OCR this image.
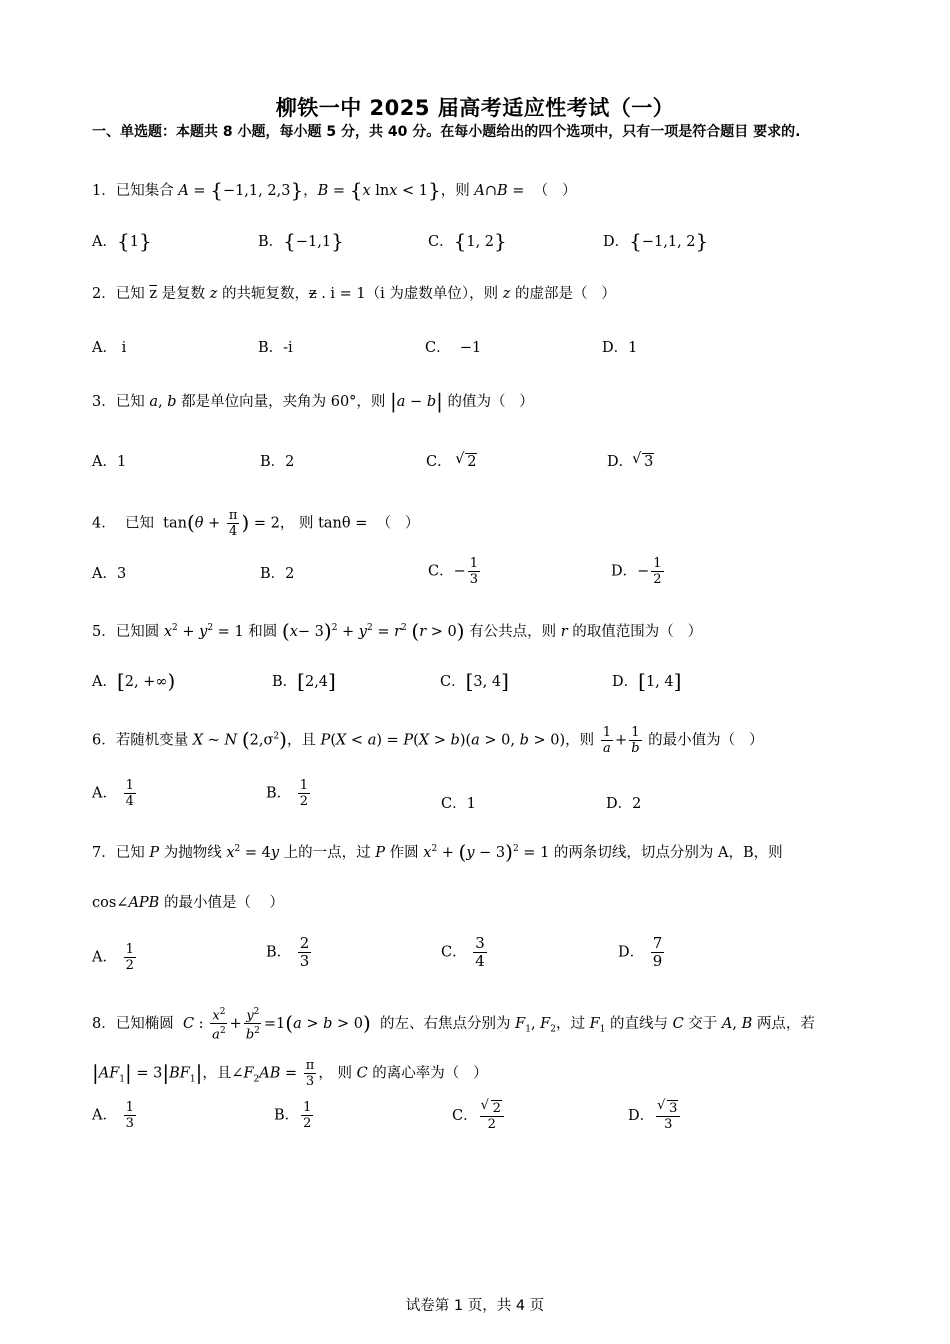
柳铁一中 2025 届高考适应性考试（一）
一、单选题：本题共 8 小题，每小题 5 分，共 40 分。在每小题给出的四个选项中，只有一项是符合题目 要求的.
1．已知集合 A = {−1,1, 2,3}，B = {x lnx < 1}，则 A∩B =  （   ）
A．{1}	B．{−1,1}	C．{1, 2}	D．{−1,1, 2}
2．已知 $\overline{z}$ 是复数 z 的共轭复数，z . i = 1（i 为虚数单位），则 z 的虚部是（   ）
A． i	B．-i	C．  −1	D．1
3．已知 a, b 都是单位向量，夹角为 60°，则 |a − b| 的值为（   ）
A．1	B．2	C． √ 2	D． √ 3
4．  已知  $\tan(\theta + \frac{\pi}{4}$ ) = 2， 则 tanθ =  （   ）
A．3	B．2	C．− $\frac{1}{3}$	D．− $\frac{1}{2}$
5．已知圆 $x^2 + y^2 = 1$ 和圆 $(x- 3)^2 + y^2 = r^2$ (r > 0) 有公共点，则 r 的取值范围为（   ）
A．[2, +∞)	B．[2,4]	C．[3, 4]	D．[1, 4]
6．若随机变量 X ~ N $(2,\sigma^2)$，且 P(X < a) = P(X > b)(a > 0, b > 0)，则 $\frac{1}{a} + \frac{1}{b}$ 的最小值为（   ）
A． $\frac{1}{4}$	B． $\frac{1}{2}$	C．1	D．2
7．已知 P 为抛物线 $x^2 = 4y$ 上的一点，过 P 作圆 $x^2 + (y - 3)^2 = 1$ 的两条切线，切点分别为 A，B，则
cos∠APB 的最小值是（    ）
A． $\frac{1}{2}$	B． $\frac{2}{3}$	C． $\frac{3}{4}$	D． $\frac{7}{9}$
8．已知椭圆  C : $\frac{x^2}{a^2} + \frac{y^2}{b^2} =1(a > b > 0)$  的左、右焦点分别为 $F_1$, $F_2$，过 $F_1$ 的直线与 C 交于 A, B 两点，若
$|AF_1| = 3|BF_1|$，且$\angle F_2AB = \frac{\pi}{3}$ ， 则 C 的离心率为（   ）
A． $\frac{1}{3}$	B． $\frac{1}{2}$	C． √ $\frac{2}{2}$	D． √ $\frac{3}{3}$
试卷第 1 页，共 4 页
